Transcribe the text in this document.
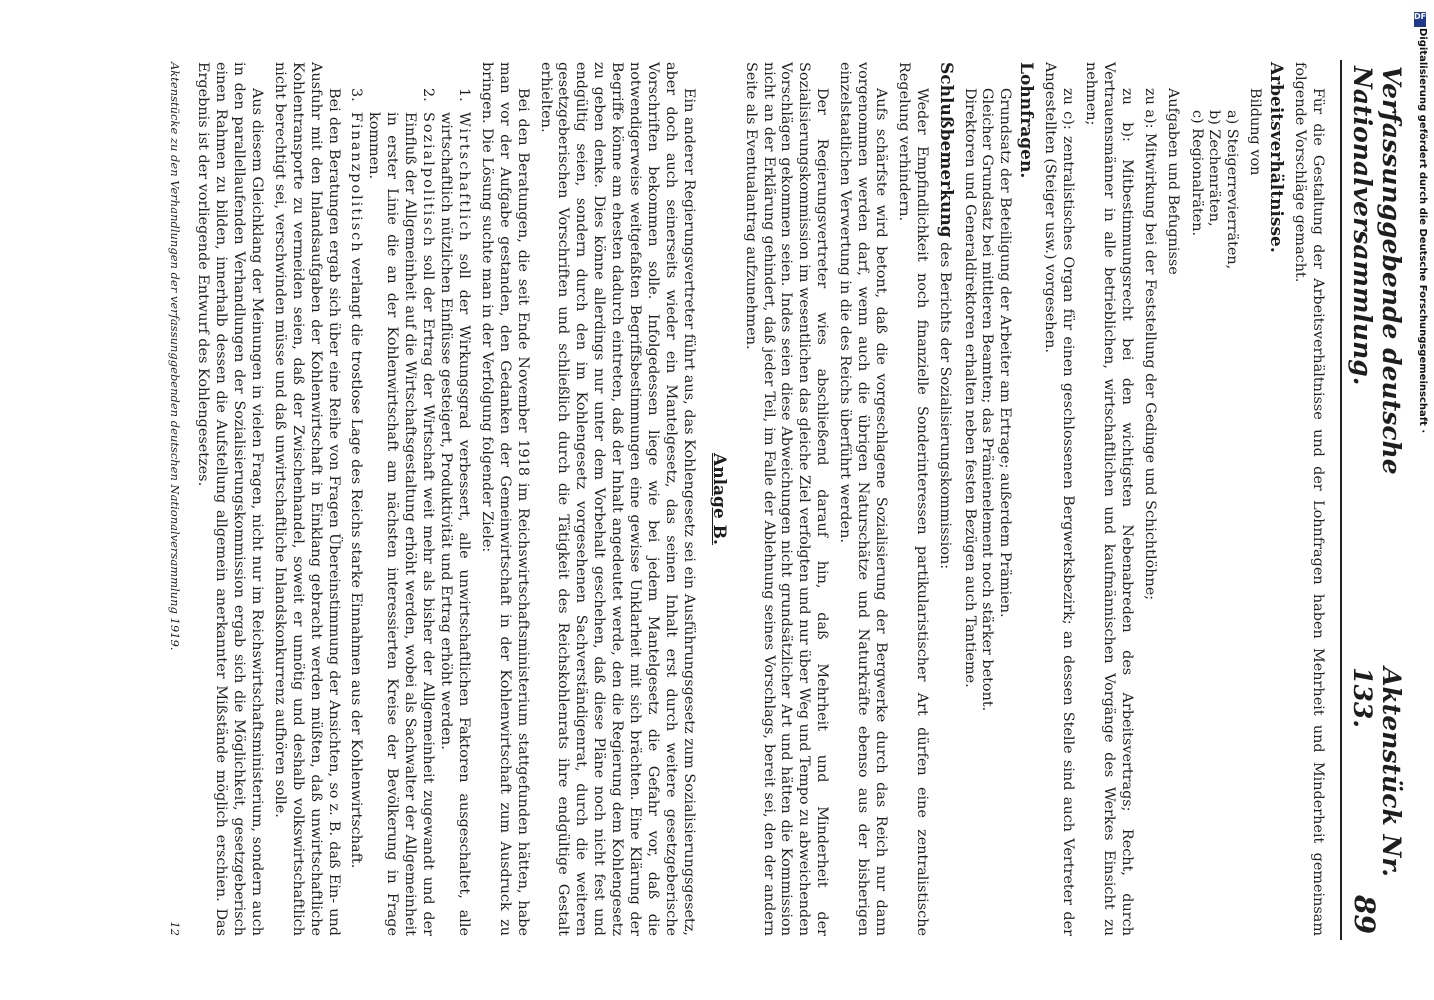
Verfassunggebende deutsche Nationalversammlung.
Aktenstück Nr. 133.
89

Für die Gestaltung der Arbeitsverhältnisse und der Lohnfragen haben Mehrheit und Minderheit gemeinsam folgende Vorschläge gemacht.

Arbeitsverhältnisse.

Bildung von

a) Steigerrevierräten,
b) Zechenräten,
c) Regionalräten.

Aufgaben und Befugnisse

zu a): Mitwirkung bei der Feststellung der Gedinge und Schichtlöhne;

zu b): Mitbestimmungsrecht bei den wichtigsten Nebenabreden des Arbeitsvertrags; Recht, durch Vertrauensmänner in alle betrieblichen, wirtschaftlichen und kaufmännischen Vorgänge des Werkes Einsicht zu nehmen;

zu c): zentralistisches Organ für einen geschlossenen Bergwerksbezirk; an dessen Stelle sind auch Vertreter der Angestellten (Steiger usw.) vorgesehen.

Lohnfragen.

Grundsatz der Beteiligung der Arbeiter am Ertrage; außerdem Prämien.

Gleicher Grundsatz bei mittleren Beamten; das Prämienelement noch stärker betont.

Direktoren und Generaldirektoren erhalten neben festen Bezügen auch Tantieme.

Schlußbemerkung des Berichts der Sozialisierungskommission:

Weder Empfindlichkeit noch finanzielle Sonderinteressen partikularistischer Art dürfen eine zentralistische Regelung verhindern.

Aufs schärfste wird betont, daß die vorgeschlagene Sozialisierung der Bergwerke durch das Reich nur dann vorgenommen werden darf, wenn auch die übrigen Naturschätze und Naturkräfte ebenso aus der bisherigen einzelstaatlichen Verwertung in die des Reichs überführt werden.

Der Regierungsvertreter wies abschließend darauf hin, daß Mehrheit und Minderheit der Sozialisierungskommission im wesentlichen das gleiche Ziel verfolgten und nur über Weg und Tempo zu abweichenden Vorschlägen gekommen seien. Indes seien diese Abweichungen nicht grundsätzlicher Art und hätten die Kommission nicht an der Erklärung gehindert, daß jeder Teil, im Falle der Ablehnung seines Vorschlags, bereit sei, den der andern Seite als Eventualantrag aufzunehmen.

Anlage B.

Ein anderer Regierungsvertreter führt aus, das Kohlengesetz sei ein Ausführungsgesetz zum Sozialisierungsgesetz, aber doch auch seinerseits wieder ein Mantelgesetz, das seinen Inhalt erst durch weitere gesetzgeberische Vorschriften bekommen solle. Infolgedessen liege wie bei jedem Mantelgesetz die Gefahr vor, daß die notwendigerweise weitgefaßten Begriffsbestimmungen eine gewisse Unklarheit mit sich brächten. Eine Klärung der Begriffe könne am ehesten dadurch eintreten, daß der Inhalt angedeutet werde, den die Regierung dem Kohlengesetz zu geben denke. Dies könne allerdings nur unter dem Vorbehalt geschehen, daß diese Pläne noch nicht fest und endgültig seien, sondern durch den im Kohlengesetz vorgesehenen Sachverständigenrat, durch die weiteren gesetzgeberischen Vorschriften und schließlich durch die Tätigkeit des Reichskohlenrats ihre endgültige Gestalt erhielten.

Bei den Beratungen, die seit Ende November 1918 im Reichswirtschaftsministerium stattgefunden hätten, habe man vor der Aufgabe gestanden, den Gedanken der Gemeinwirtschaft in der Kohlenwirtschaft zum Ausdruck zu bringen. Die Lösung suchte man in der Verfolgung folgender Ziele:

1.
Wirtschaftlich soll der Wirkungsgrad verbessert, alle unwirtschaftlichen Faktoren ausgeschaltet, alle wirtschaftlich nützlichen Einflüsse gesteigert, Produktivität und Ertrag erhöht werden.
2.
Sozialpolitisch soll der Ertrag der Wirtschaft weit mehr als bisher der Allgemeinheit zugewandt und der Einfluß der Allgemeinheit auf die Wirtschaftsgestaltung erhöht werden, wobei als Sachwalter der Allgemeinheit in erster Linie die an der Kohlenwirtschaft am nächsten interessierten Kreise der Bevölkerung in Frage kommen.
3.
Finanzpolitisch verlangt die trostlose Lage des Reichs starke Einnahmen aus der Kohlenwirtschaft.

Bei den Beratungen ergab sich über eine Reihe von Fragen Übereinstimmung der Ansichten, so z. B. daß Ein- und Ausfuhr mit den Inlandsaufgaben der Kohlenwirtschaft in Einklang gebracht werden müßten, daß unwirtschaftliche Kohlentransporte zu vermeiden seien, daß der Zwischenhandel, soweit er unnötig und deshalb volkswirtschaftlich nicht berechtigt sei, verschwinden müsse und daß unwirtschaftliche Inlandskonkurrenz aufhören solle.

Aus diesem Gleichklang der Meinungen in vielen Fragen, nicht nur im Reichswirtschaftsministerium, sondern auch in den parallellaufenden Verhandlungen der Sozialisierungskommission ergab sich die Möglichkeit, gesetzgeberisch einen Rahmen zu bilden, innerhalb dessen die Aufstellung allgemein anerkannter Mißstände möglich erschien. Das Ergebnis ist der vorliegende Entwurf des Kohlengesetzes.

Aktenstücke zu den Verhandlungen der verfassunggebenden deutschen Nationalversammlung 1919.
12
DFG
Digitalisierung gefördert durch die Deutsche Forschungsgemeinschaft ·
